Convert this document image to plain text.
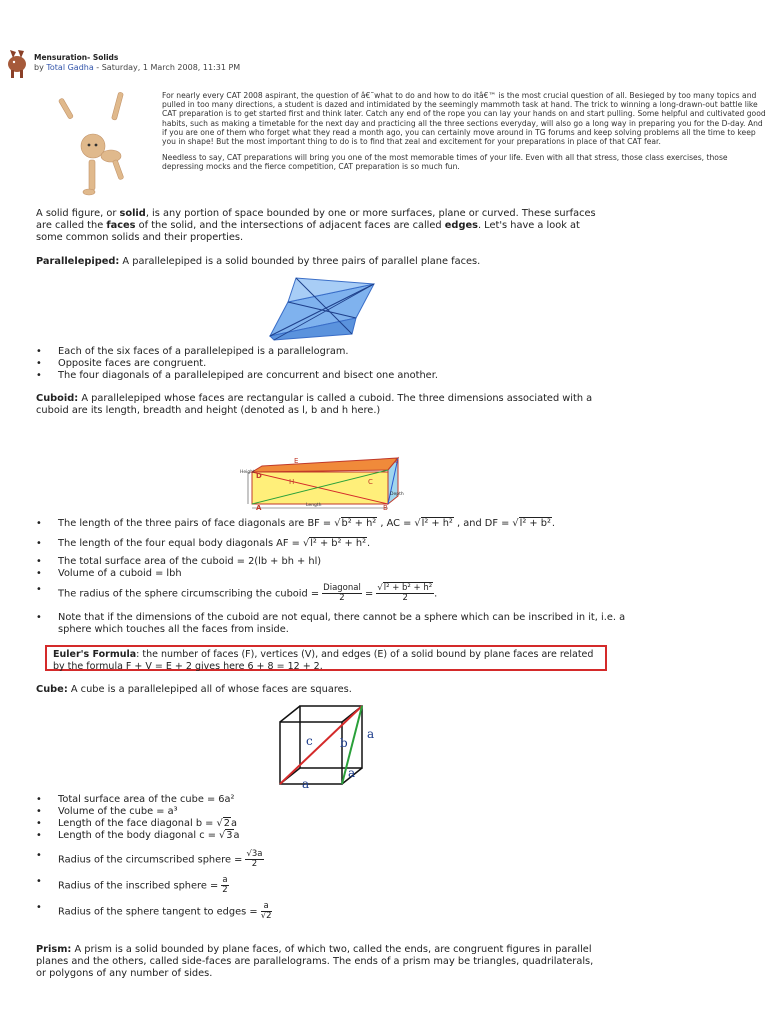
Mensuration- Solids
by Total Gadha - Saturday, 1 March 2008, 11:31 PM

For nearly every CAT 2008 aspirant, the question of â€˜what to do and how to do itâ€™ is the most crucial question of all. Besieged by too many topics and pulled in too many directions, a student is dazed and intimidated by the seemingly mammoth task at hand. The trick to winning a long-drawn-out battle like CAT preparation is to get started first and think later. Catch any end of the rope you can lay your hands on and start pulling. Some helpful and cultivated good habits, such as making a timetable for the next day and practicing all the three sections everyday, will also go a long way in preparing you for the D-day. And if you are one of them who forget what they read a month ago, you can certainly move around in TG forums and keep solving problems all the time to keep you in shape! But the most important thing to do is to find that zeal and excitement for your preparations in place of that CAT fear.

Needless to say, CAT preparations will bring you one of the most memorable times of your life. Even with all that stress, those class exercises, those depressing mocks and the fierce competition, CAT preparation is so much fun.

A solid figure, or solid, is any portion of space bounded by one or more surfaces, plane or curved. These surfaces are called the faces of the solid, and the intersections of adjacent faces are called edges. Let's have a look at some common solids and their properties.
Parallelepiped: A parallelepiped is a solid bounded by three pairs of parallel plane faces.
• Each of the six faces of a parallelepiped is a parallelogram.
• Opposite faces are congruent.
• The four diagonals of a parallelepiped are concurrent and bisect one another.
Cuboid: A parallelepiped whose faces are rectangular is called a cuboid. The three dimensions associated with a cuboid are its length, breadth and height (denoted as l, b and h here.)
D
E	F
C
H
A	B
Height
Length
Depth
• The length of the three pairs of face diagonals are BF = √b² + h² , AC = √l² + h² , and DF = √l² + b².
• The length of the four equal body diagonals AF = √l² + b² + h².
• The total surface area of the cuboid = 2(lb + bh + hl)
• Volume of a cuboid = lbh
• The radius of the sphere circumscribing the cuboid = $\frac{\text{Diagonal}}{2} = \frac{\text{√l² + b² + h²}}{2}$ .
• Note that if the dimensions of the cuboid are not equal, there cannot be a sphere which can be inscribed in it, i.e. a sphere which touches all the faces from inside.
Euler's Formula: the number of faces (F), vertices (V), and edges (E) of a solid bound by plane faces are related by the formula F + V = E + 2 gives here 6 + 8 = 12 + 2.
Cube: A cube is a parallelepiped all of whose faces are squares.
c b
a
a
a
• Total surface area of the cube = 6a²
• Volume of the cube = a³
• Length of the face diagonal b = √2a
• Length of the body diagonal c = √3a
• Radius of the circumscribed sphere = $\frac{√3a}{2}$
• Radius of the inscribed sphere = $\frac{a}{2}$
• Radius of the sphere tangent to edges = $\frac{a}{√2}$
Prism: A prism is a solid bounded by plane faces, of which two, called the ends, are congruent figures in parallel planes and the others, called side-faces are parallelograms. The ends of a prism may be triangles, quadrilaterals, or polygons of any number of sides.
